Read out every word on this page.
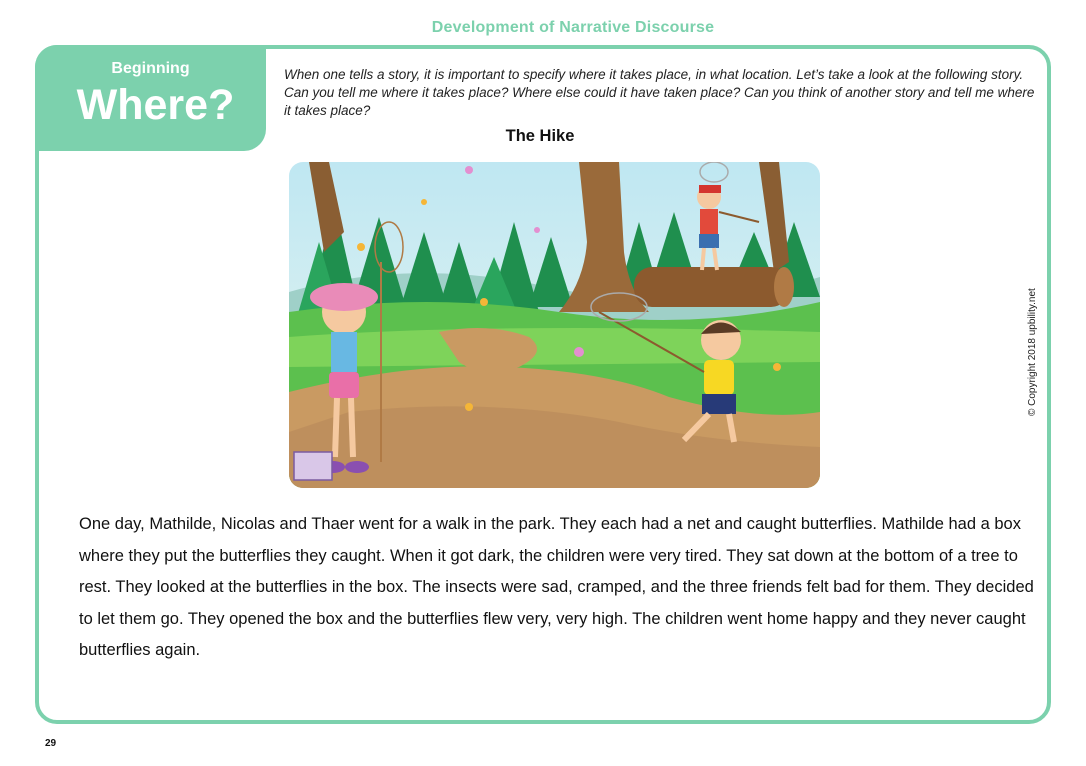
Development of Narrative Discourse
Beginning
Where?
When one tells a story, it is important to specify where it takes place, in what location. Let’s take a look at the following story. Can you tell me where it takes place? Where else could it have taken place? Can you think of another story and tell me where it takes place?
The Hike
One day, Mathilde, Nicolas and Thaer went for a walk in the park. They each had a net and caught butterflies. Mathilde had a box where they put the butterflies they caught. When it got dark, the children were very tired. They sat down at the bottom of a tree to rest. They looked at the butterflies in the box. The insects were sad, cramped, and the three friends felt bad for them. They decided to let them go. They opened the box and the butterflies flew very, very high. The children went home happy and they never caught butterflies again.
© Copyright 2018 upbility.net
29
